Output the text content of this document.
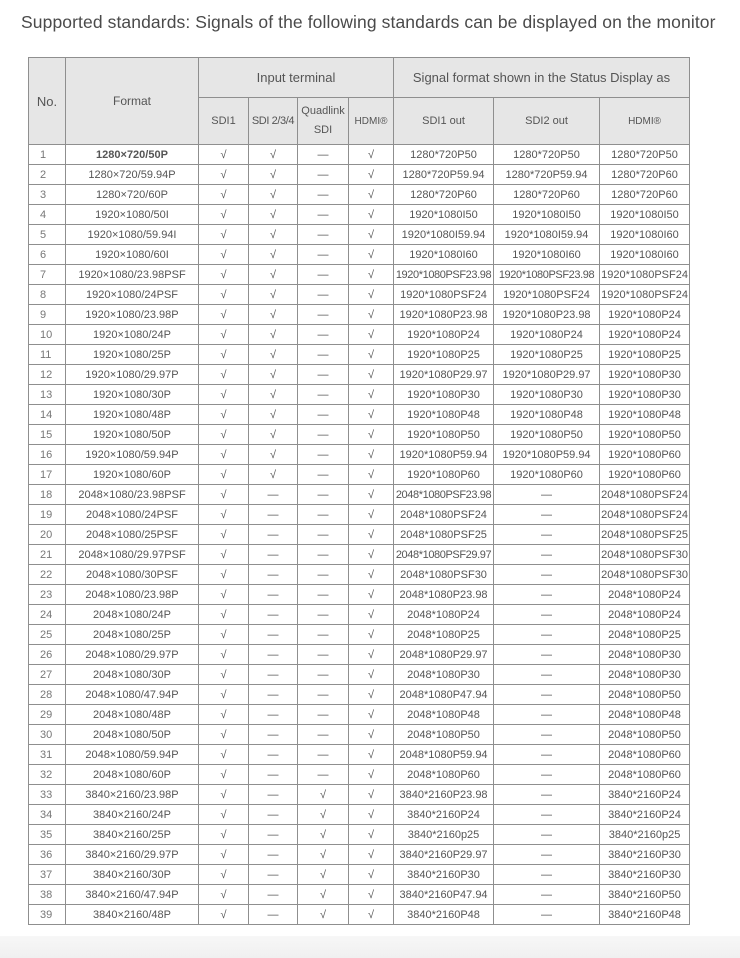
Supported standards: Signals of the following standards can be displayed on the monitor
No.	Format	Input terminal				Signal format shown in the Status Display as		
		SDI1	SDI 2/3/4	Quadlink SDI	HDMI®	SDI1 out	SDI2 out	HDMI®
1	1280×720/50P	√	√	—	√	1280*720P50	1280*720P50	1280*720P50
2	1280×720/59.94P	√	√	—	√	1280*720P59.94	1280*720P59.94	1280*720P60
3	1280×720/60P	√	√	—	√	1280*720P60	1280*720P60	1280*720P60
4	1920×1080/50I	√	√	—	√	1920*1080I50	1920*1080I50	1920*1080I50
5	1920×1080/59.94I	√	√	—	√	1920*1080I59.94	1920*1080I59.94	1920*1080I60
6	1920×1080/60I	√	√	—	√	1920*1080I60	1920*1080I60	1920*1080I60
7	1920×1080/23.98PSF	√	√	—	√	1920*1080PSF23.98	1920*1080PSF23.98	1920*1080PSF24
8	1920×1080/24PSF	√	√	—	√	1920*1080PSF24	1920*1080PSF24	1920*1080PSF24
9	1920×1080/23.98P	√	√	—	√	1920*1080P23.98	1920*1080P23.98	1920*1080P24
10	1920×1080/24P	√	√	—	√	1920*1080P24	1920*1080P24	1920*1080P24
11	1920×1080/25P	√	√	—	√	1920*1080P25	1920*1080P25	1920*1080P25
12	1920×1080/29.97P	√	√	—	√	1920*1080P29.97	1920*1080P29.97	1920*1080P30
13	1920×1080/30P	√	√	—	√	1920*1080P30	1920*1080P30	1920*1080P30
14	1920×1080/48P	√	√	—	√	1920*1080P48	1920*1080P48	1920*1080P48
15	1920×1080/50P	√	√	—	√	1920*1080P50	1920*1080P50	1920*1080P50
16	1920×1080/59.94P	√	√	—	√	1920*1080P59.94	1920*1080P59.94	1920*1080P60
17	1920×1080/60P	√	√	—	√	1920*1080P60	1920*1080P60	1920*1080P60
18	2048×1080/23.98PSF	√	—	—	√	2048*1080PSF23.98	—	2048*1080PSF24
19	2048×1080/24PSF	√	—	—	√	2048*1080PSF24	—	2048*1080PSF24
20	2048×1080/25PSF	√	—	—	√	2048*1080PSF25	—	2048*1080PSF25
21	2048×1080/29.97PSF	√	—	—	√	2048*1080PSF29.97	—	2048*1080PSF30
22	2048×1080/30PSF	√	—	—	√	2048*1080PSF30	—	2048*1080PSF30
23	2048×1080/23.98P	√	—	—	√	2048*1080P23.98	—	2048*1080P24
24	2048×1080/24P	√	—	—	√	2048*1080P24	—	2048*1080P24
25	2048×1080/25P	√	—	—	√	2048*1080P25	—	2048*1080P25
26	2048×1080/29.97P	√	—	—	√	2048*1080P29.97	—	2048*1080P30
27	2048×1080/30P	√	—	—	√	2048*1080P30	—	2048*1080P30
28	2048×1080/47.94P	√	—	—	√	2048*1080P47.94	—	2048*1080P50
29	2048×1080/48P	√	—	—	√	2048*1080P48	—	2048*1080P48
30	2048×1080/50P	√	—	—	√	2048*1080P50	—	2048*1080P50
31	2048×1080/59.94P	√	—	—	√	2048*1080P59.94	—	2048*1080P60
32	2048×1080/60P	√	—	—	√	2048*1080P60	—	2048*1080P60
33	3840×2160/23.98P	√	—	√	√	3840*2160P23.98	—	3840*2160P24
34	3840×2160/24P	√	—	√	√	3840*2160P24	—	3840*2160P24
35	3840×2160/25P	√	—	√	√	3840*2160p25	—	3840*2160p25
36	3840×2160/29.97P	√	—	√	√	3840*2160P29.97	—	3840*2160P30
37	3840×2160/30P	√	—	√	√	3840*2160P30	—	3840*2160P30
38	3840×2160/47.94P	√	—	√	√	3840*2160P47.94	—	3840*2160P50
39	3840×2160/48P	√	—	√	√	3840*2160P48	—	3840*2160P48
